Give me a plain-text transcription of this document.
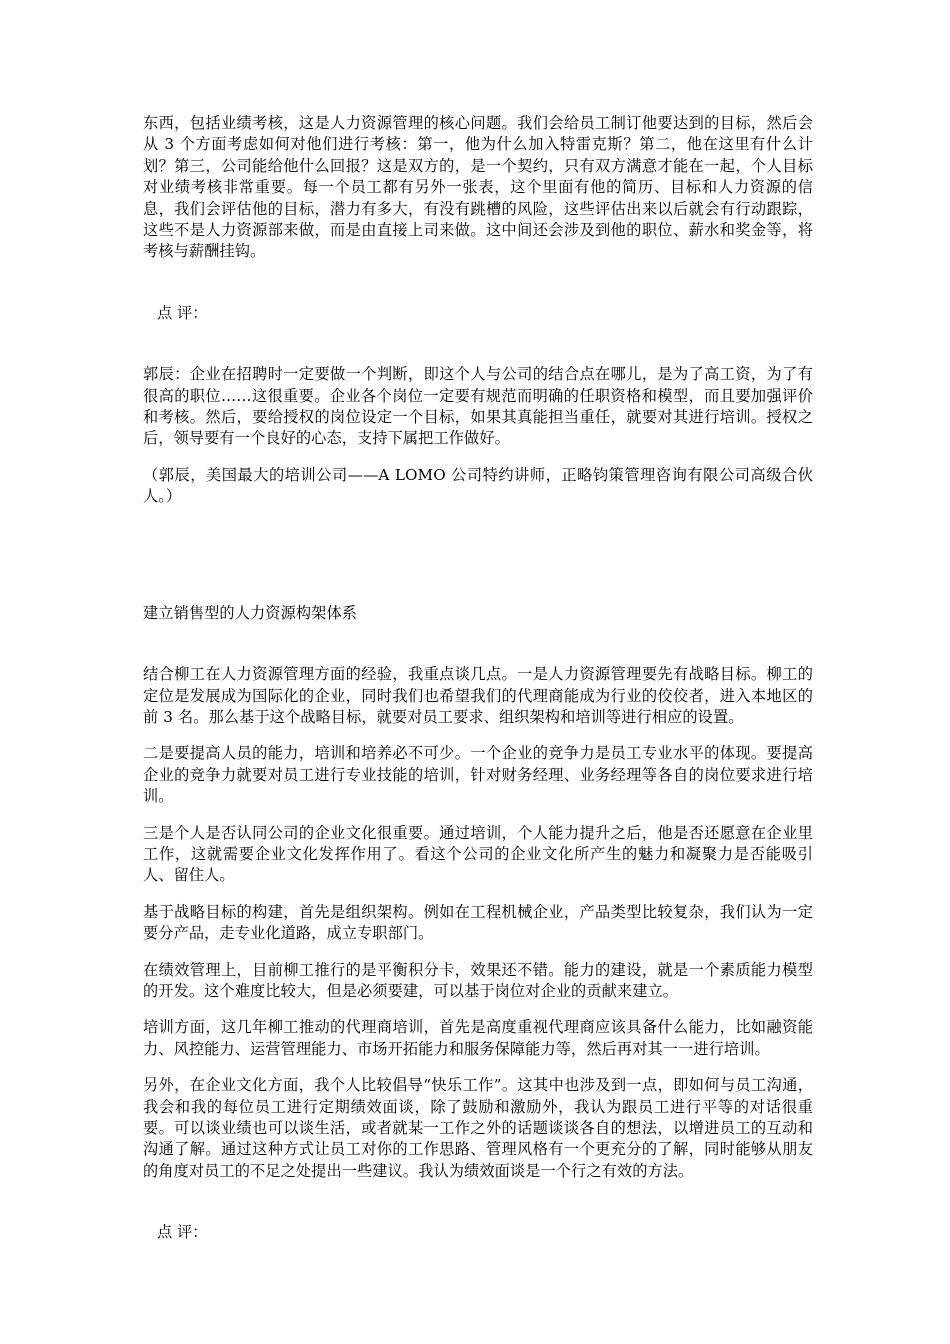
东西，包括业绩考核，这是人力资源管理的核心问题。我们会给员工制订他要达到的目标，然后会从 3 个方面考虑如何对他们进行考核：第一，他为什么加入特雷克斯？第二，他在这里有什么计划？第三，公司能给他什么回报？这是双方的，是一个契约，只有双方满意才能在一起，个人目标对业绩考核非常重要。每一个员工都有另外一张表，这个里面有他的简历、目标和人力资源的信息，我们会评估他的目标，潜力有多大，有没有跳槽的风险，这些评估出来以后就会有行动跟踪，这些不是人力资源部来做，而是由直接上司来做。这中间还会涉及到他的职位、薪水和奖金等，将考核与薪酬挂钩。

点 评：

郭辰：企业在招聘时一定要做一个判断，即这个人与公司的结合点在哪儿，是为了高工资，为了有很高的职位……这很重要。企业各个岗位一定要有规范而明确的任职资格和模型，而且要加强评价和考核。然后，要给授权的岗位设定一个目标，如果其真能担当重任，就要对其进行培训。授权之后，领导要有一个良好的心态，支持下属把工作做好。

（郭辰，美国最大的培训公司——A LOMO 公司特约讲师，正略钧策管理咨询有限公司高级合伙人。）

建立销售型的人力资源构架体系

结合柳工在人力资源管理方面的经验，我重点谈几点。一是人力资源管理要先有战略目标。柳工的定位是发展成为国际化的企业，同时我们也希望我们的代理商能成为行业的佼佼者，进入本地区的前 3 名。那么基于这个战略目标，就要对员工要求、组织架构和培训等进行相应的设置。

二是要提高人员的能力，培训和培养必不可少。一个企业的竞争力是员工专业水平的体现。要提高企业的竞争力就要对员工进行专业技能的培训，针对财务经理、业务经理等各自的岗位要求进行培训。

三是个人是否认同公司的企业文化很重要。通过培训，个人能力提升之后，他是否还愿意在企业里工作，这就需要企业文化发挥作用了。看这个公司的企业文化所产生的魅力和凝聚力是否能吸引人、留住人。

基于战略目标的构建，首先是组织架构。例如在工程机械企业，产品类型比较复杂，我们认为一定要分产品，走专业化道路，成立专职部门。

在绩效管理上，目前柳工推行的是平衡积分卡，效果还不错。能力的建设，就是一个素质能力模型的开发。这个难度比较大，但是必须要建，可以基于岗位对企业的贡献来建立。

培训方面，这几年柳工推动的代理商培训，首先是高度重视代理商应该具备什么能力，比如融资能力、风控能力、运营管理能力、市场开拓能力和服务保障能力等，然后再对其一一进行培训。

另外，在企业文化方面，我个人比较倡导“快乐工作”。这其中也涉及到一点，即如何与员工沟通，我会和我的每位员工进行定期绩效面谈，除了鼓励和激励外，我认为跟员工进行平等的对话很重要。可以谈业绩也可以谈生活，或者就某一工作之外的话题谈谈各自的想法，以增进员工的互动和沟通了解。通过这种方式让员工对你的工作思路、管理风格有一个更充分的了解，同时能够从朋友的角度对员工的不足之处提出一些建议。我认为绩效面谈是一个行之有效的方法。

点 评：
